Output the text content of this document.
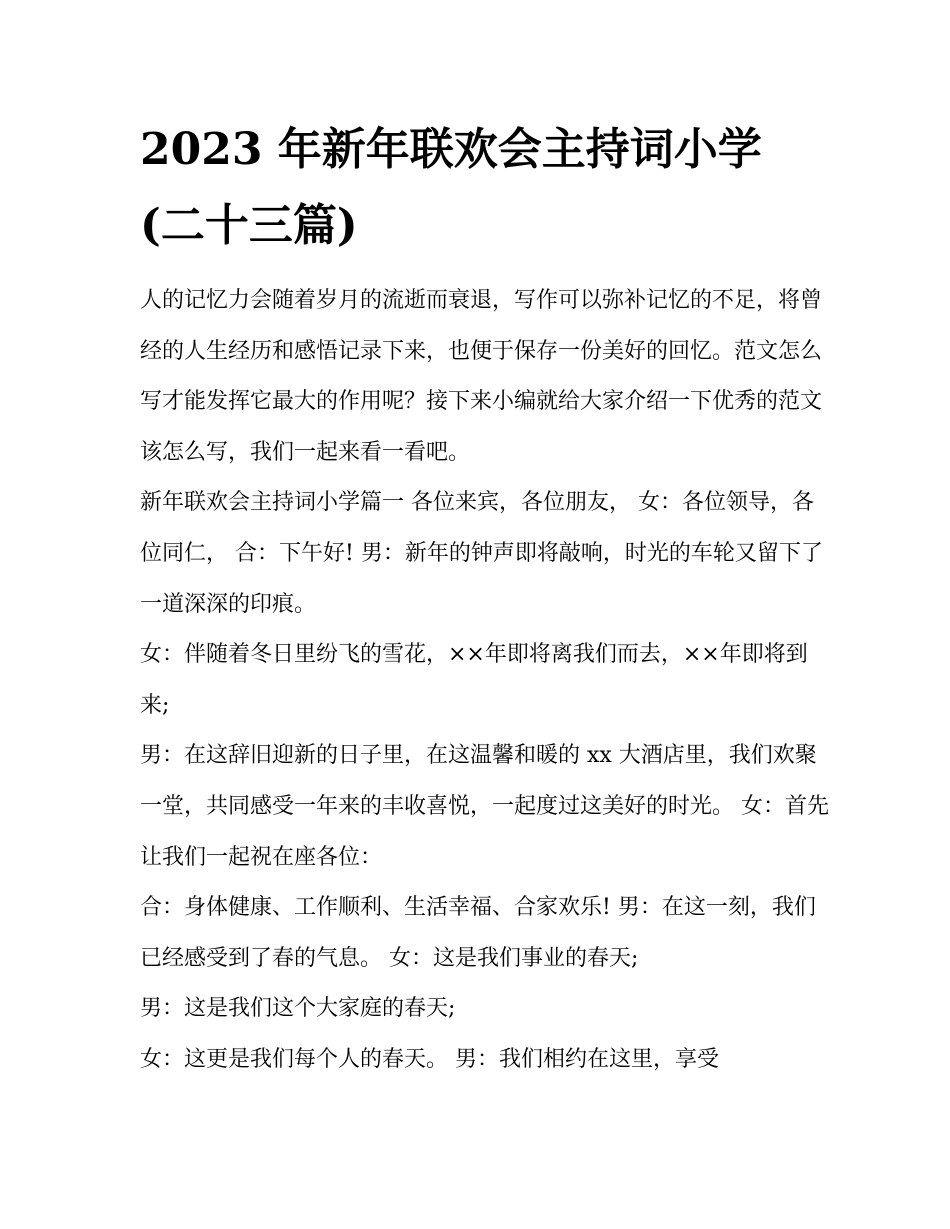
2023 年新年联欢会主持词小学
(二十三篇)

人的记忆力会随着岁月的流逝而衰退，写作可以弥补记忆的不足，将曾经的人生经历和感悟记录下来，也便于保存一份美好的回忆。范文怎么写才能发挥它最大的作用呢？接下来小编就给大家介绍一下优秀的范文该怎么写，我们一起来看一看吧。

新年联欢会主持词小学篇一 各位来宾，各位朋友， 女：各位领导，各位同仁， 合：下午好! 男：新年的钟声即将敲响，时光的车轮又留下了一道深深的印痕。

女：伴随着冬日里纷飞的雪花，××年即将离我们而去，××年即将到来;

男：在这辞旧迎新的日子里，在这温馨和暖的 xx 大酒店里，我们欢聚一堂，共同感受一年来的丰收喜悦，一起度过这美好的时光。 女：首先让我们一起祝在座各位：

合：身体健康、工作顺利、生活幸福、合家欢乐! 男：在这一刻，我们已经感受到了春的气息。 女：这是我们事业的春天;

男：这是我们这个大家庭的春天;

女：这更是我们每个人的春天。 男：我们相约在这里，享受
